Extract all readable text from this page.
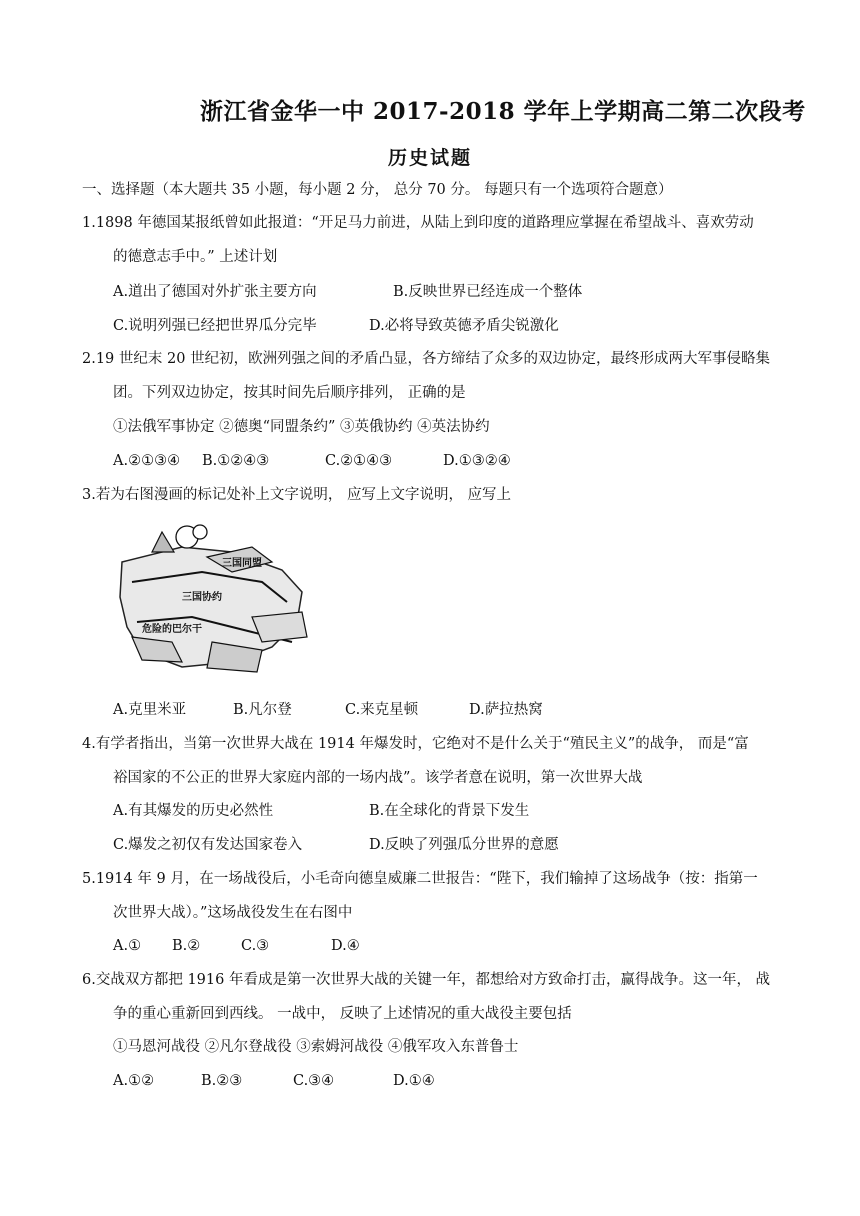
浙江省金华一中 2017-2018 学年上学期高二第二次段考
历史试题
一、选择题（本大题共 35 小题，每小题 2 分， 总分 70 分。 每题只有一个选项符合题意）
1.1898 年德国某报纸曾如此报道：“开足马力前进，从陆上到印度的道路理应掌握在希望战斗、喜欢劳动
的德意志手中。” 上述计划
A.道出了德国对外扩张主要方向	B.反映世界已经连成一个整体
C.说明列强已经把世界瓜分完毕	D.必将导致英德矛盾尖锐激化
2.19 世纪末 20 世纪初，欧洲列强之间的矛盾凸显，各方缔结了众多的双边协定，最终形成两大军事侵略集
团。下列双边协定，按其时间先后顺序排列， 正确的是
①法俄军事协定 ②德奥“同盟条约” ③英俄协约 ④英法协约
A.②①③④ B.①②④③	C.②①④③	D.①③②④
3.若为右图漫画的标记处补上文字说明， 应写上文字说明， 应写上
三国同盟
三国协约
危险的巴尔干
A.克里米亚	B.凡尔登	C.来克星顿	D.萨拉热窝
4.有学者指出，当第一次世界大战在 1914 年爆发时，它绝对不是什么关于“殖民主义”的战争， 而是“富
裕国家的不公正的世界大家庭内部的一场内战”。该学者意在说明，第一次世界大战
A.有其爆发的历史必然性	B.在全球化的背景下发生
C.爆发之初仅有发达国家卷入	D.反映了列强瓜分世界的意愿
5.1914 年 9 月，在一场战役后，小毛奇向德皇威廉二世报告：“陛下，我们输掉了这场战争（按：指第一
次世界大战）。”这场战役发生在右图中
A.① B.②	C.③	D.④
6.交战双方都把 1916 年看成是第一次世界大战的关键一年，都想给对方致命打击，赢得战争。这一年， 战
争的重心重新回到西线。 一战中， 反映了上述情况的重大战役主要包括
①马恩河战役 ②凡尔登战役 ③索姆河战役 ④俄军攻入东普鲁士
A.①②	B.②③	C.③④	D.①④
